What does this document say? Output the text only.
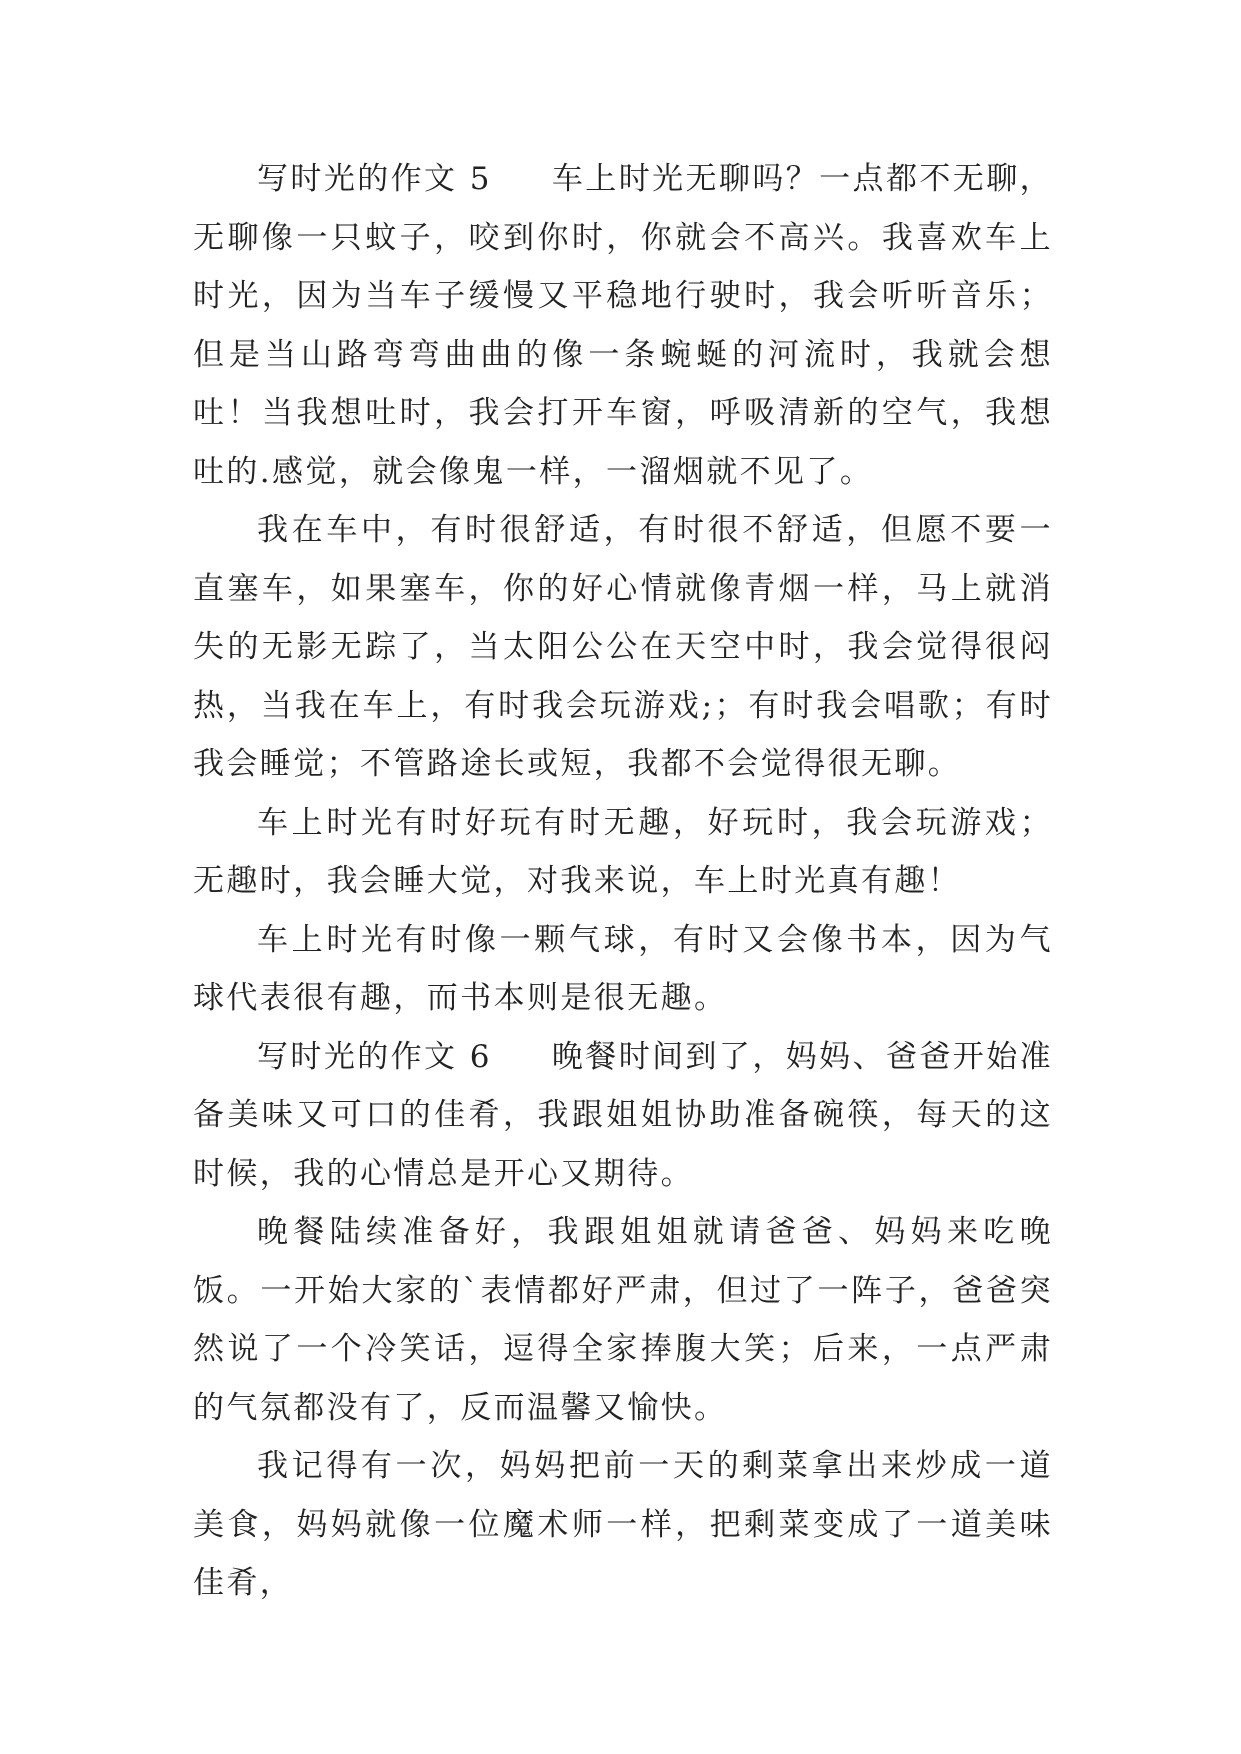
写时光的作文 5 车上时光无聊吗？一点都不无聊，无聊像一只蚊子，咬到你时，你就会不高兴。我喜欢车上时光，因为当车子缓慢又平稳地行驶时，我会听听音乐；但是当山路弯弯曲曲的像一条蜿蜒的河流时，我就会想吐！当我想吐时，我会打开车窗，呼吸清新的空气，我想吐的.感觉，就会像鬼一样，一溜烟就不见了。

我在车中，有时很舒适，有时很不舒适，但愿不要一直塞车，如果塞车，你的好心情就像青烟一样，马上就消失的无影无踪了，当太阳公公在天空中时，我会觉得很闷热，当我在车上，有时我会玩游戏;；有时我会唱歌；有时我会睡觉；不管路途长或短，我都不会觉得很无聊。

车上时光有时好玩有时无趣，好玩时，我会玩游戏；无趣时，我会睡大觉，对我来说，车上时光真有趣！

车上时光有时像一颗气球，有时又会像书本，因为气球代表很有趣，而书本则是很无趣。

写时光的作文 6 晚餐时间到了，妈妈、爸爸开始准备美味又可口的佳肴，我跟姐姐协助准备碗筷，每天的这时候，我的心情总是开心又期待。

晚餐陆续准备好，我跟姐姐就请爸爸、妈妈来吃晚饭。一开始大家的`表情都好严肃，但过了一阵子，爸爸突然说了一个冷笑话，逗得全家捧腹大笑；后来，一点严肃的气氛都没有了，反而温馨又愉快。

我记得有一次，妈妈把前一天的剩菜拿出来炒成一道美食，妈妈就像一位魔术师一样，把剩菜变成了一道美味佳肴，
